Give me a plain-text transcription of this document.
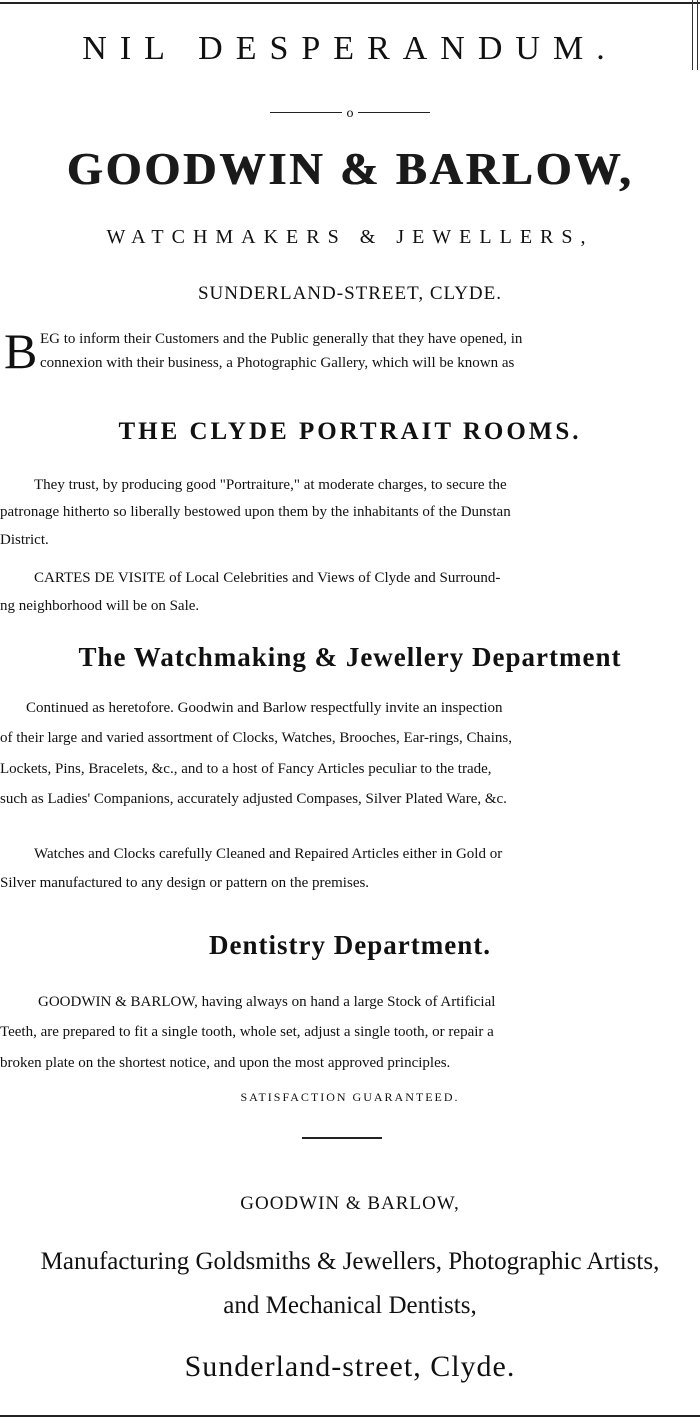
NIL DESPERANDUM.
o
GOODWIN & BARLOW,
WATCHMAKERS & JEWELLERS,
SUNDERLAND-STREET, CLYDE.
B EG to inform their Customers and the Public generally that they have opened, in
connexion with their business, a Photographic Gallery, which will be known as
THE CLYDE PORTRAIT ROOMS.
They trust, by producing good "Portraiture," at moderate charges, to secure the
patronage hitherto so liberally bestowed upon them by the inhabitants of the Dunstan
District.
CARTES DE VISITE of Local Celebrities and Views of Clyde and Surround-
ng neighborhood will be on Sale.
The Watchmaking & Jewellery Department
Continued as heretofore. Goodwin and Barlow respectfully invite an inspection
of their large and varied assortment of Clocks, Watches, Brooches, Ear-rings, Chains,
Lockets, Pins, Bracelets, &c., and to a host of Fancy Articles peculiar to the trade,
such as Ladies' Companions, accurately adjusted Compases, Silver Plated Ware, &c.
Watches and Clocks carefully Cleaned and Repaired Articles either in Gold or
Silver manufactured to any design or pattern on the premises.
Dentistry Department.
GOODWIN & BARLOW, having always on hand a large Stock of Artificial
Teeth, are prepared to fit a single tooth, whole set, adjust a single tooth, or repair a
broken plate on the shortest notice, and upon the most approved principles.
SATISFACTION GUARANTEED.
GOODWIN & BARLOW,
Manufacturing Goldsmiths & Jewellers, Photographic Artists,
and Mechanical Dentists,
Sunderland-street, Clyde.
